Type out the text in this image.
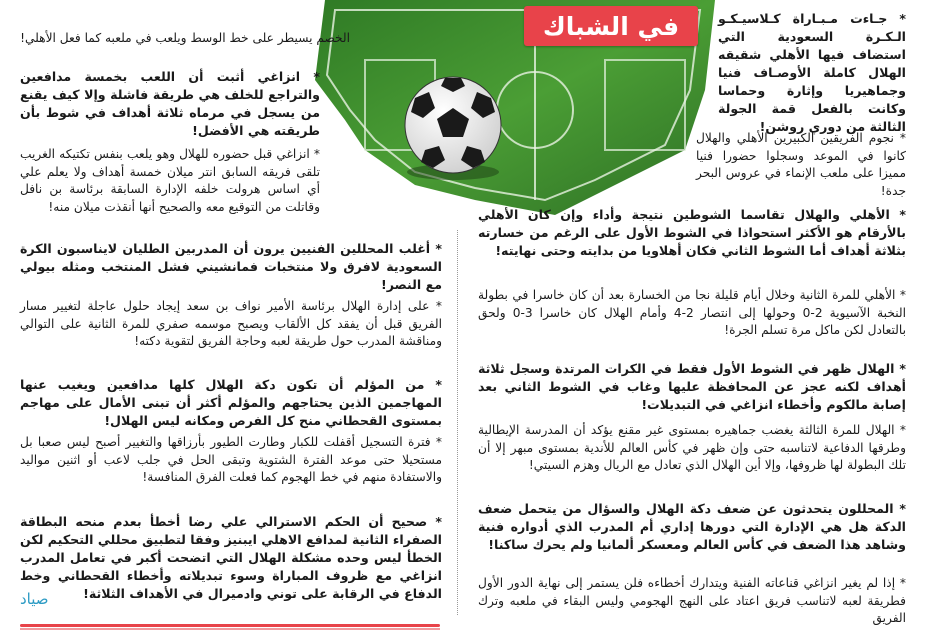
في الشباك	* جـاءت مـبـاراة كـلاسيـكـو الـكـرة السعودية التي استضاف فيها الأهلي شقيقه الهلال كاملة الأوصـاف فنيا وجماهيريا وإثارة وحماسا وكانت بالفعل قمة الجولة الثالثة من دوري روشن!

* نجوم الفريقين الكبيرين الأهلي والهلال كانوا في الموعد وسجلوا حضورا فنيا مميزا على ملعب الإنماء في عروس البحر جدة!

* الأهلي والهلال تقاسما الشوطين نتيجة وأداء وإن كان الأهلي بالأرقام هو الأكثر استحواذا في الشوط الأول على الرغم من خسارته بثلاثة أهداف أما الشوط الثاني فكان أهلاويا من بدايته وحتى نهايته!

* الأهلي للمرة الثانية وخلال أيام قليلة نجا من الخسارة بعد أن كان خاسرا في بطولة النخبة الآسيوية 2-0 وحولها إلى انتصار 2-4 وأمام الهلال كان خاسرا 3-0 ولحق بالتعادل لكن ماكل مرة تسلم الجرة!

* الهلال ظهر في الشوط الأول فقط في الكرات المرتدة وسجل ثلاثة أهداف لكنه عجز عن المحافظة عليها وغاب في الشوط الثاني بعد إصابة مالكوم وأخطاء انزاغي في التبديلات!

* الهلال للمرة الثالثة يغضب جماهيره بمستوى غير مقنع يؤكد أن المدرسة الإيطالية وطرقها الدفاعية لاتناسبه حتى وإن ظهر في كأس العالم للأندية بمستوى مبهر إلا أن تلك البطولة لها ظروفها، وإلا أين الهلال الذي تعادل مع الريال وهزم السيتي!

* المحللون يتحدثون عن ضعف دكة الهلال والسؤال من يتحمل ضعف الدكة هل هي الإدارة التي دورها إداري أم المدرب الذي أدواره فنية وشاهد هذا الضعف في كأس العالم ومعسكر ألمانيا ولم يحرك ساكنا!

* إذا لم يغير انزاغي قناعاته الفنية ويتدارك أخطاءه فلن يستمر إلى نهاية الدور الأول فطريقة لعبه لاتناسب فريق اعتاد على النهج الهجومي وليس البقاء في ملعبه وترك الفريق

الخصم يسيطر على خط الوسط ويلعب في ملعبه كما فعل الأهلي!

* انزاغي أثبت أن اللعب بخمسة مدافعين والتراجع للخلف هي طريقة فاشلة وإلا كيف يقنع من يسجل في مرماه ثلاثة أهداف في شوط بأن طريقته هي الأفضل!

* انزاغي قبل حضوره للهلال وهو يلعب بنفس تكتيكه الغريب تلقى فريقه السابق انتر ميلان خمسة أهداف ولا يعلم علي أي اساس هرولت خلفه الإدارة السابقة برئاسة بن نافل وقاتلت من التوقيع معه والصحيح أنها أنقذت ميلان منه!

* أغلب المحللين الفنيين يرون أن المدربين الطليان لايناسبون الكرة السعودية لافرق ولا منتخبات فمانشيني فشل المنتخب ومثله بيولي مع النصر!

* على إدارة الهلال برئاسة الأمير نواف بن سعد إيجاد حلول عاجلة لتغيير مسار الفريق قبل أن يفقد كل الألقاب ويصبح موسمه صفري للمرة الثانية على التوالي ومناقشة المدرب حول طريقة لعبه وحاجة الفريق لتقوية دكته!

* من المؤلم أن تكون دكة الهلال كلها مدافعين ويغيب عنها المهاجمين الذين يحتاجهم والمؤلم أكثر أن تبنى الأمال على مهاجم بمستوى القحطاني منح كل الفرص ومكانه ليس الهلال!

* فترة التسجيل أقفلت للكبار وطارت الطيور بأرزاقها والتغيير أصبح ليس صعبا بل مستحيلا حتى موعد الفترة الشتوية وتبقى الحل في جلب لاعب أو اثنين مواليد والاستفادة منهم في خط الهجوم كما فعلت الفرق المنافسة!

* صحيح أن الحكم الاسترالي علي رضا أخطأ بعدم منحه البطاقة الصفراء الثانية لمدافع الاهلي ايبنيز وفقا لتطبيق محللي التحكيم لكن الخطأ ليس وحده مشكلة الهلال التي اتضحت أكبر في تعامل المدرب انزاغي مع ظروف المباراة وسوء تبديلاته وأخطاء القحطاني وخط الدفاع في الرقابة على توني وادميرال في الأهداف الثلاثة!

صياد
